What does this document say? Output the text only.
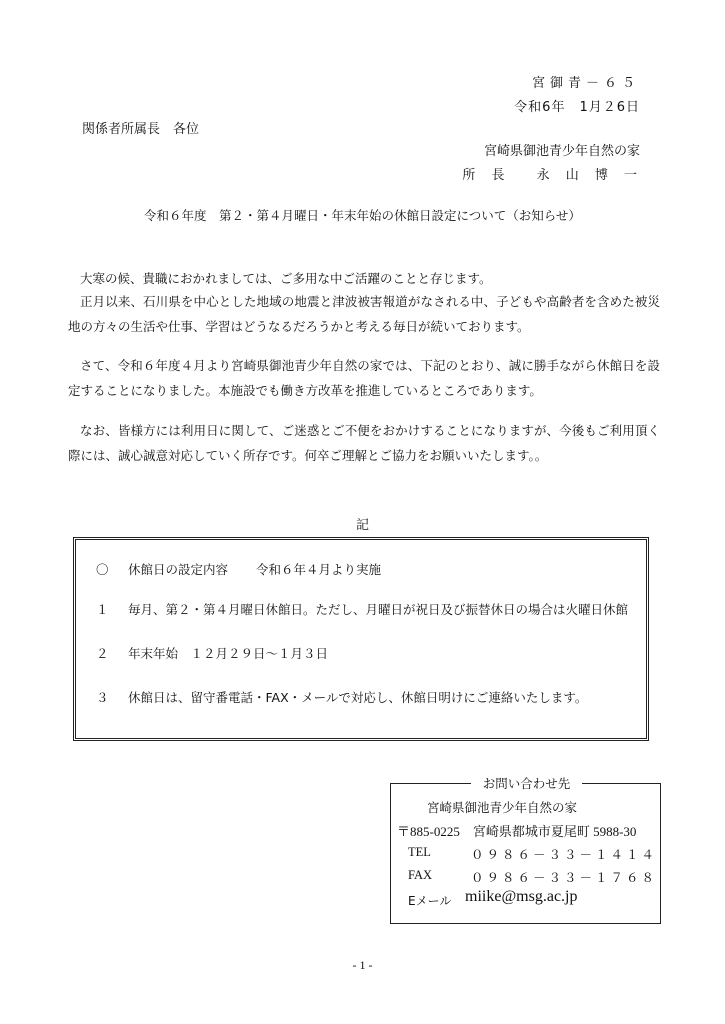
宮御青－６５
令和6年　1月２6日
関係者所属長　各位
宮崎県御池青少年自然の家
所 長　 永 山 博 一
令和６年度　第２・第４月曜日・年末年始の休館日設定について（お知らせ）
大寒の候、貴職におかれましては、ご多用な中ご活躍のことと存じます。
正月以来、石川県を中心とした地域の地震と津波被害報道がなされる中、子どもや高齢者を含めた被災地の方々の生活や仕事、学習はどうなるだろうかと考える毎日が続いております。
さて、令和６年度４月より宮崎県御池青少年自然の家では、下記のとおり、誠に勝手ながら休館日を設定することになりました。本施設でも働き方改革を推進しているところであります。
なお、皆様方には利用日に関して、ご迷惑とご不便をおかけすることになりますが、今後もご利用頂く際には、誠心誠意対応していく所存です。何卒ご理解とご協力をお願いいたします。。
記
〇 休館日の設定内容 令和６年４月より実施
１ 毎月、第２・第４月曜日休館日。ただし、月曜日が祝日及び振替休日の場合は火曜日休館
２ 年末年始　１２月２９日～１月３日
３ 休館日は、留守番電話・FAX・メールで対応し、休館日明けにご連絡いたします。
お問い合わせ先
宮崎県御池青少年自然の家
〒885-0225　宮崎県都城市夏尾町 5988-30
TEL	０９８６－３３－１４１４
FAX	０９８６－３３－１７６８
Eメール miike@msg.ac.jp
- 1 -
